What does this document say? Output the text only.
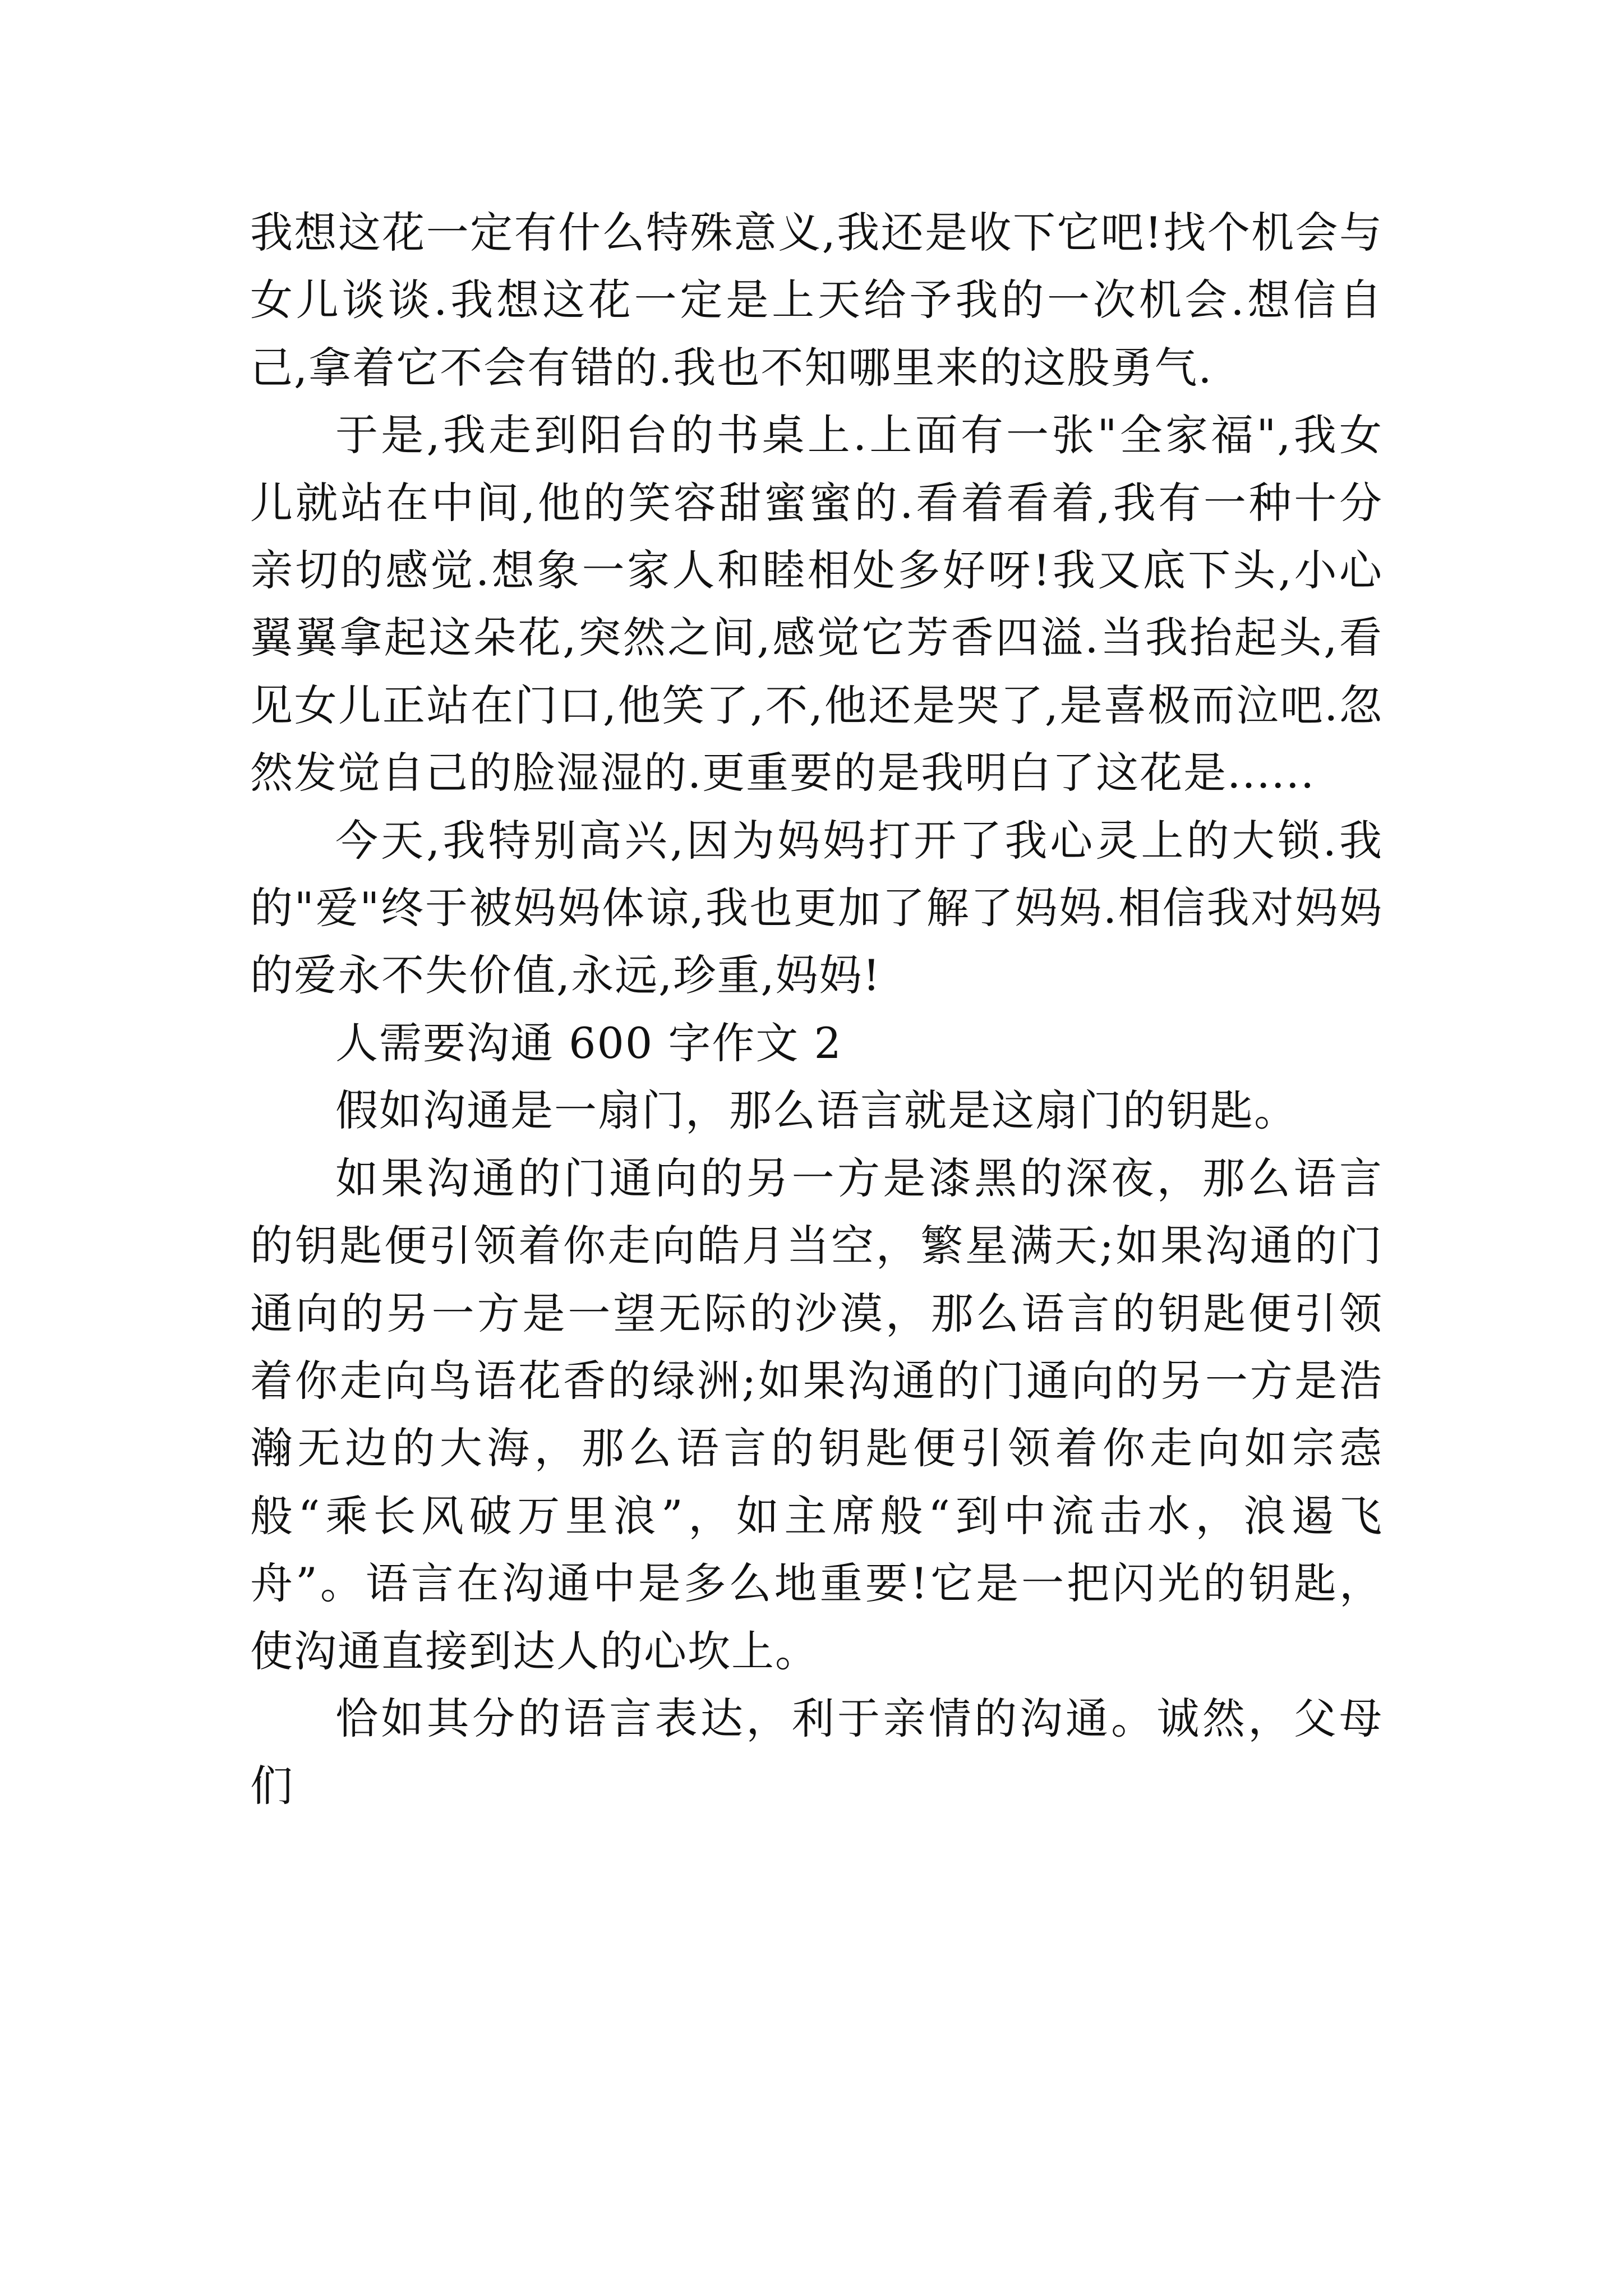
我想这花一定有什么特殊意义,我还是收下它吧!找个机会与女儿谈谈.我想这花一定是上天给予我的一次机会.想信自己,拿着它不会有错的.我也不知哪里来的这股勇气.

于是,我走到阳台的书桌上.上面有一张"全家福",我女儿就站在中间,他的笑容甜蜜蜜的.看着看着,我有一种十分亲切的感觉.想象一家人和睦相处多好呀!我又底下头,小心翼翼拿起这朵花,突然之间,感觉它芳香四溢.当我抬起头,看见女儿正站在门口,他笑了,不,他还是哭了,是喜极而泣吧.忽然发觉自己的脸湿湿的.更重要的是我明白了这花是......

今天,我特别高兴,因为妈妈打开了我心灵上的大锁.我的"爱"终于被妈妈体谅,我也更加了解了妈妈.相信我对妈妈的爱永不失价值,永远,珍重,妈妈!

人需要沟通 600 字作文 2

假如沟通是一扇门，那么语言就是这扇门的钥匙。

如果沟通的门通向的另一方是漆黑的深夜，那么语言的钥匙便引领着你走向皓月当空，繁星满天;如果沟通的门通向的另一方是一望无际的沙漠，那么语言的钥匙便引领着你走向鸟语花香的绿洲;如果沟通的门通向的另一方是浩瀚无边的大海，那么语言的钥匙便引领着你走向如宗悫般“乘长风破万里浪”，如主席般“到中流击水，浪遏飞舟”。语言在沟通中是多么地重要!它是一把闪光的钥匙，使沟通直接到达人的心坎上。

恰如其分的语言表达，利于亲情的沟通。诚然，父母们
